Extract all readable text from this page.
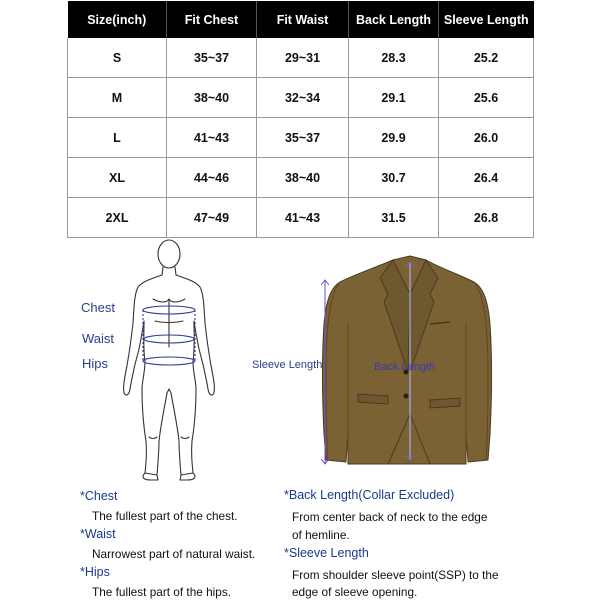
Size(inch)	Fit Chest	Fit Waist	Back Length	Sleeve Length
S	35~37	29~31	28.3	25.2
M	38~40	32~34	29.1	25.6
L	41~43	35~37	29.9	26.0
XL	44~46	38~40	30.7	26.4
2XL	47~49	41~43	31.5	26.8
Chest
Waist
Hips	Sleeve Length	Back Length
*Chest
The fullest part of the chest.
*Waist
Narrowest part of natural waist.
*Hips
The fullest part of the hips.
*Back Length(Collar Excluded)
From center back of neck to the edge
of hemline.
*Sleeve Length
From shoulder sleeve point(SSP) to the
edge of sleeve opening.
